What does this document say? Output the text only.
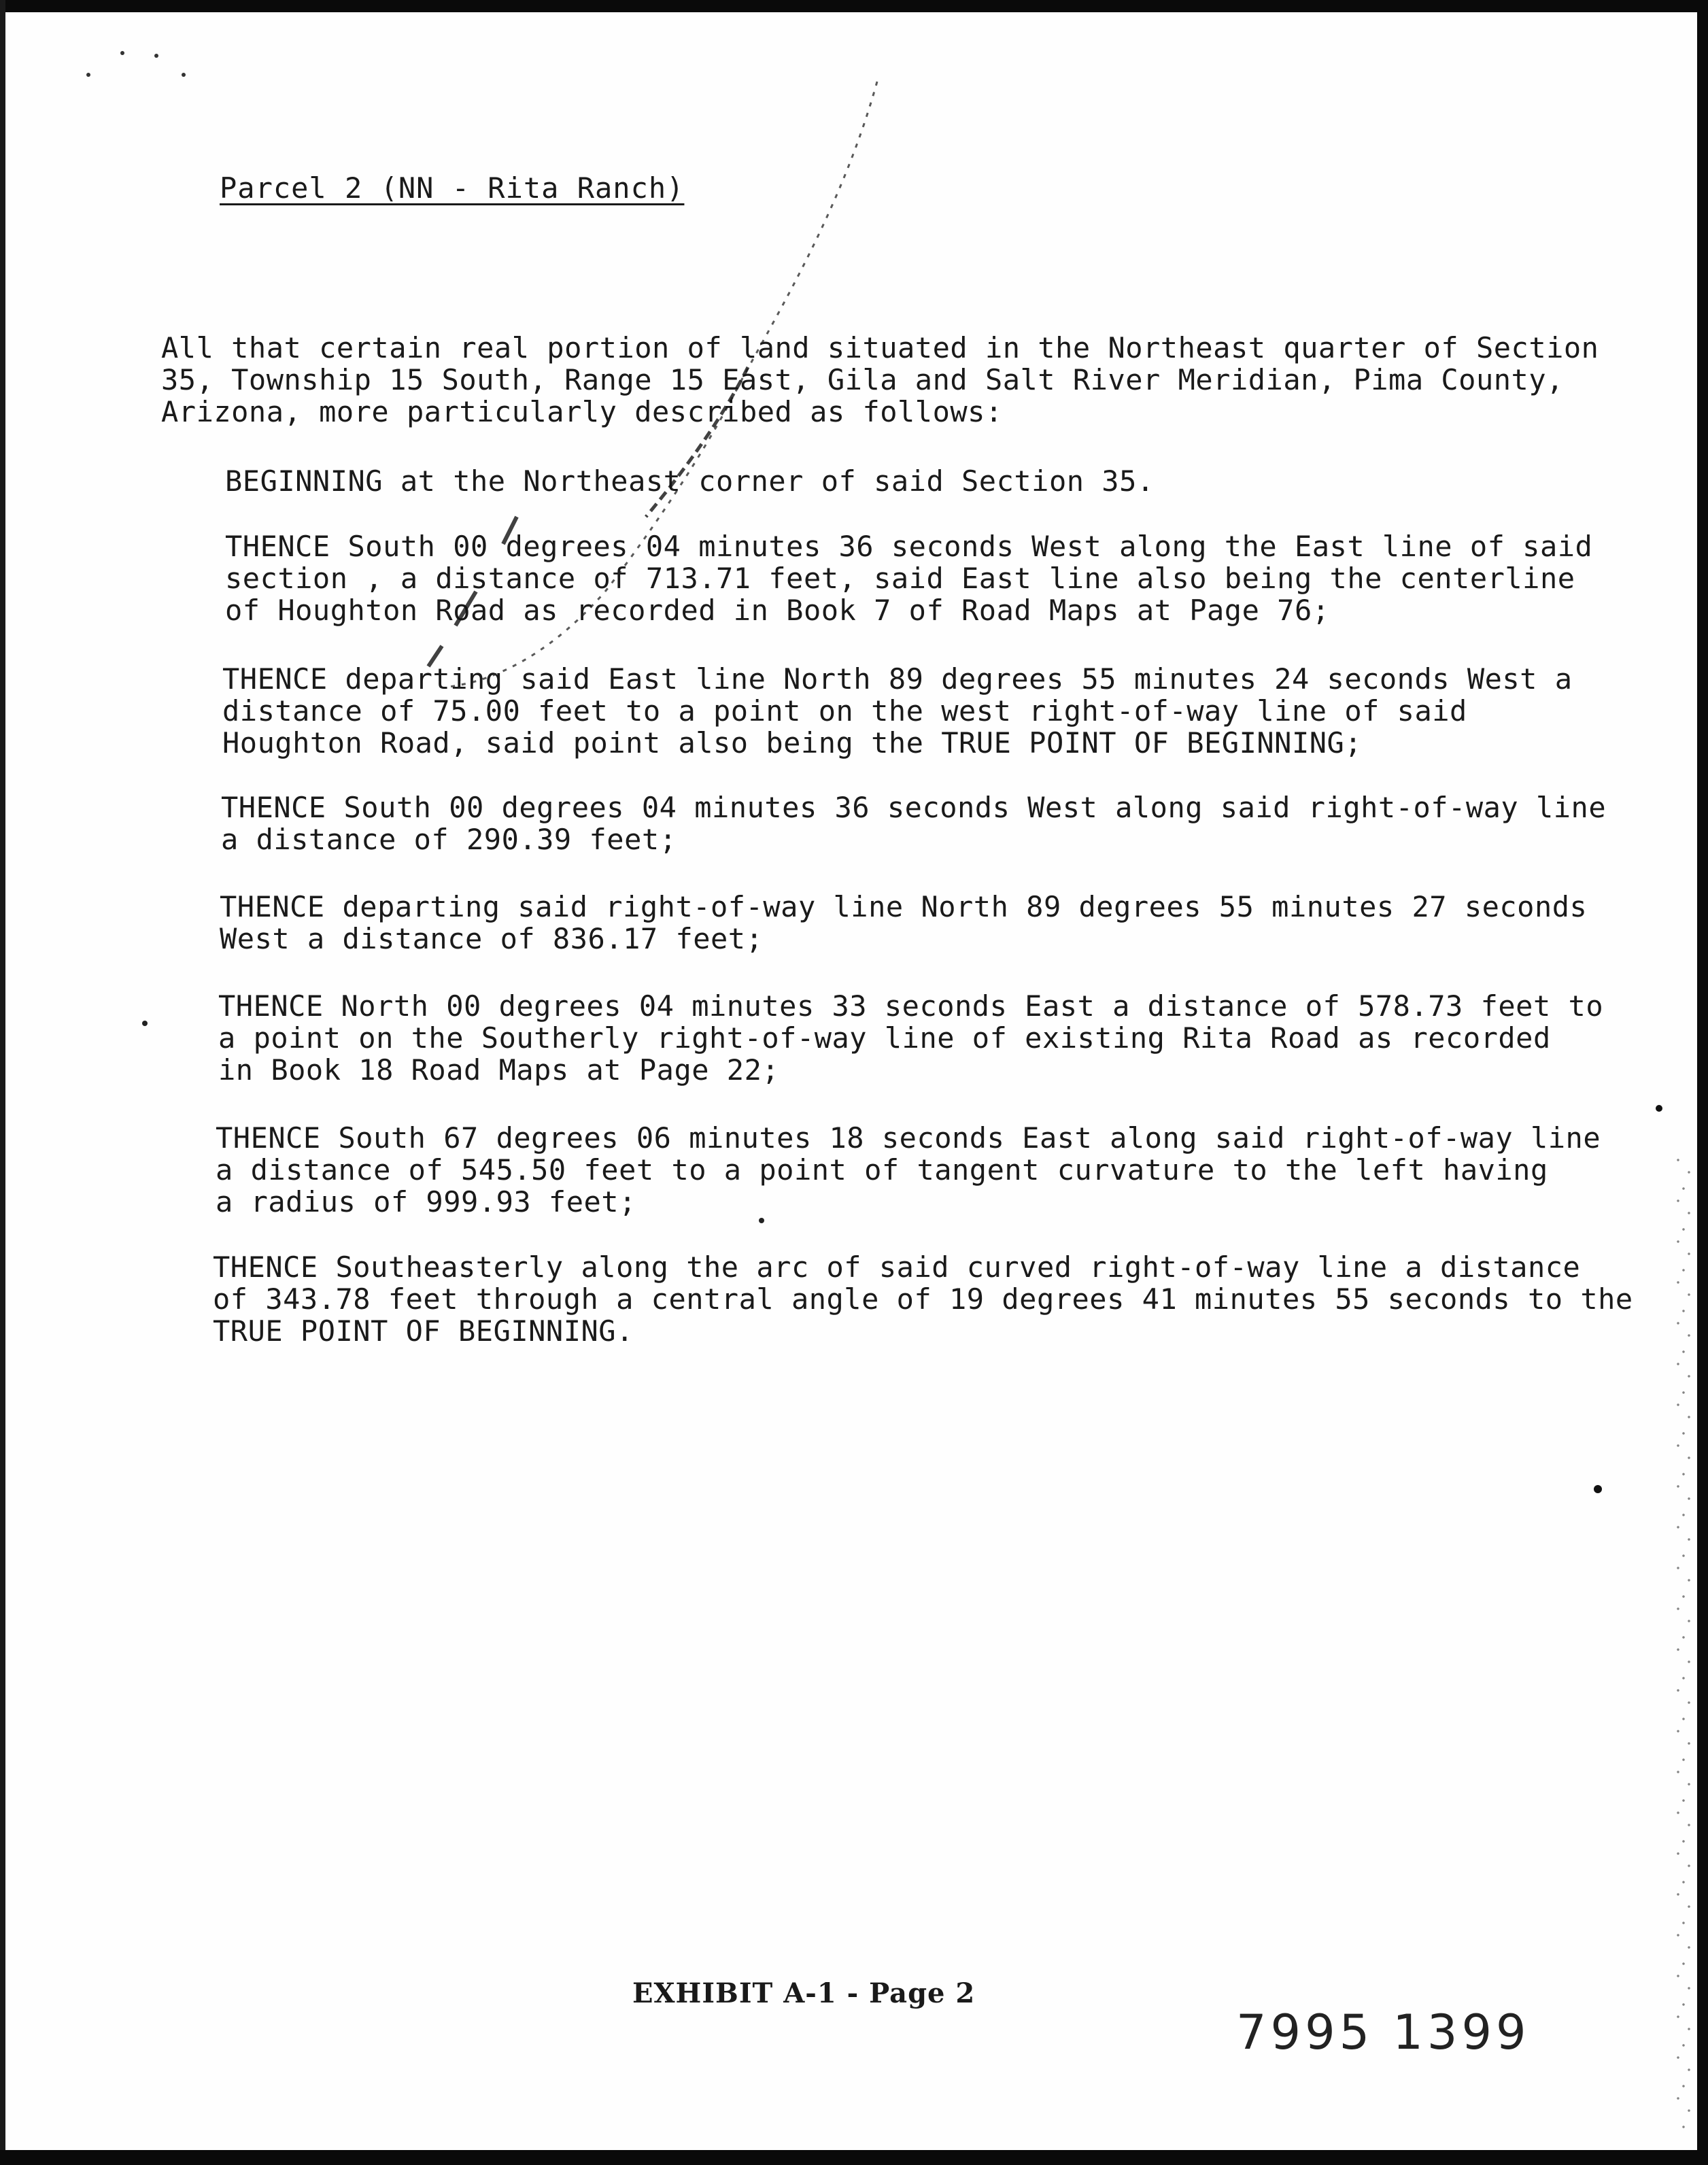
Parcel 2 (NN - Rita Ranch)
All that certain real portion of land situated in the Northeast quarter of Section
35, Township 15 South, Range 15 East, Gila and Salt River Meridian, Pima County,
Arizona, more particularly described as follows:
BEGINNING at the Northeast corner of said Section 35.
THENCE South 00 degrees 04 minutes 36 seconds West along the East line of said
section , a distance of 713.71 feet, said East line also being the centerline
of Houghton Road as recorded in Book 7 of Road Maps at Page 76;
THENCE departing said East line North 89 degrees 55 minutes 24 seconds West a
distance of 75.00 feet to a point on the west right-of-way line of said
Houghton Road, said point also being the TRUE POINT OF BEGINNING;
THENCE South 00 degrees 04 minutes 36 seconds West along said right-of-way line
a distance of 290.39 feet;
THENCE departing said right-of-way line North 89 degrees 55 minutes 27 seconds
West a distance of 836.17 feet;
THENCE North 00 degrees 04 minutes 33 seconds East a distance of 578.73 feet to
a point on the Southerly right-of-way line of existing Rita Road as recorded
in Book 18 Road Maps at Page 22;
THENCE South 67 degrees 06 minutes 18 seconds East along said right-of-way line
a distance of 545.50 feet to a point of tangent curvature to the left having
a radius of 999.93 feet;
THENCE Southeasterly along the arc of said curved right-of-way line a distance
of 343.78 feet through a central angle of 19 degrees 41 minutes 55 seconds to the
TRUE POINT OF BEGINNING.
EXHIBIT A-1 - Page 2
7995 1399
